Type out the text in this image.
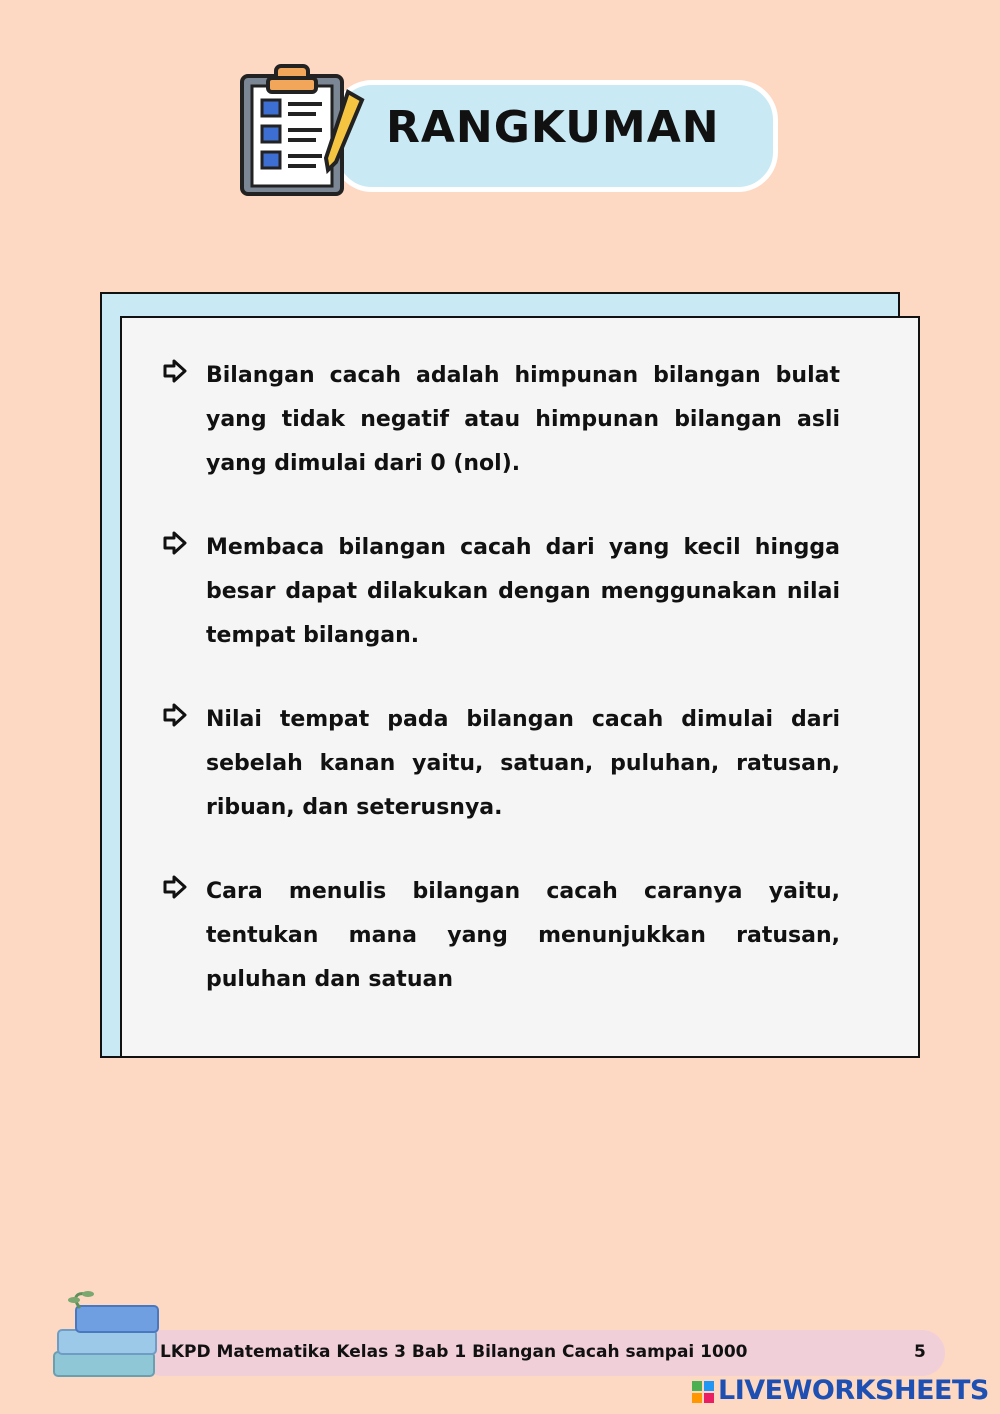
RANGKUMAN
Bilangan cacah adalah himpunan bilangan bulat yang tidak negatif atau himpunan bilangan asli yang dimulai dari 0 (nol).
Membaca bilangan cacah dari yang kecil hingga besar dapat dilakukan dengan menggunakan nilai tempat bilangan.
Nilai tempat pada bilangan cacah dimulai dari sebelah kanan yaitu, satuan, puluhan, ratusan, ribuan, dan seterusnya.
Cara menulis bilangan cacah caranya yaitu, tentukan mana yang menunjukkan ratusan, puluhan dan satuan
LKPD Matematika Kelas 3 Bab 1 Bilangan Cacah sampai 1000	5
LIVEWORKSHEETS
